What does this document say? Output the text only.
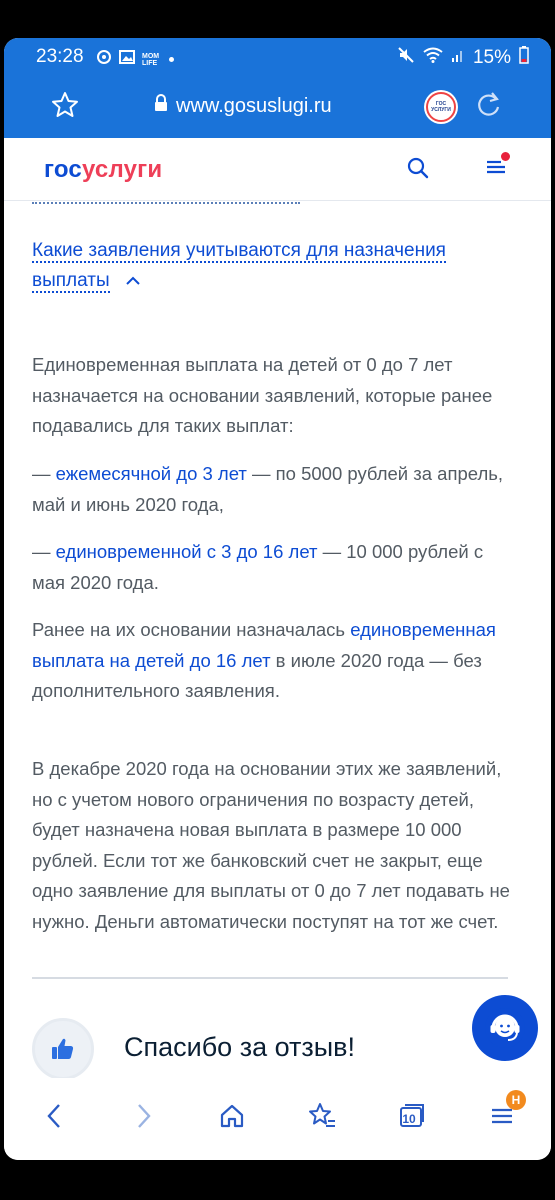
23:28	MOM LIFE	15%
www.gosuslugi.ru	ГОС УСЛУГИ
госуслуги
Какие заявления учитываются для назначения выплаты

Единовременная выплата на детей от 0 до 7 лет назначается на основании заявлений, которые ранее подавались для таких выплат:

— ежемесячной до 3 лет — по 5000 рублей за апрель, май и июнь 2020 года,

— единовременной с 3 до 16 лет — 10 000 рублей с мая 2020 года.

Ранее на их основании назначалась единовременная выплата на детей до 16 лет в июле 2020 года — без дополнительного заявления.

В декабре 2020 года на основании этих же заявлений, но с учетом нового ограничения по возрасту детей, будет назначена новая выплата в размере 10 000 рублей. Если тот же банковский счет не закрыт, еще одно заявление для выплаты от 0 до 7 лет подавать не нужно. Деньги автоматически поступят на тот же счет.

Спасибо за отзыв!
10
Н
